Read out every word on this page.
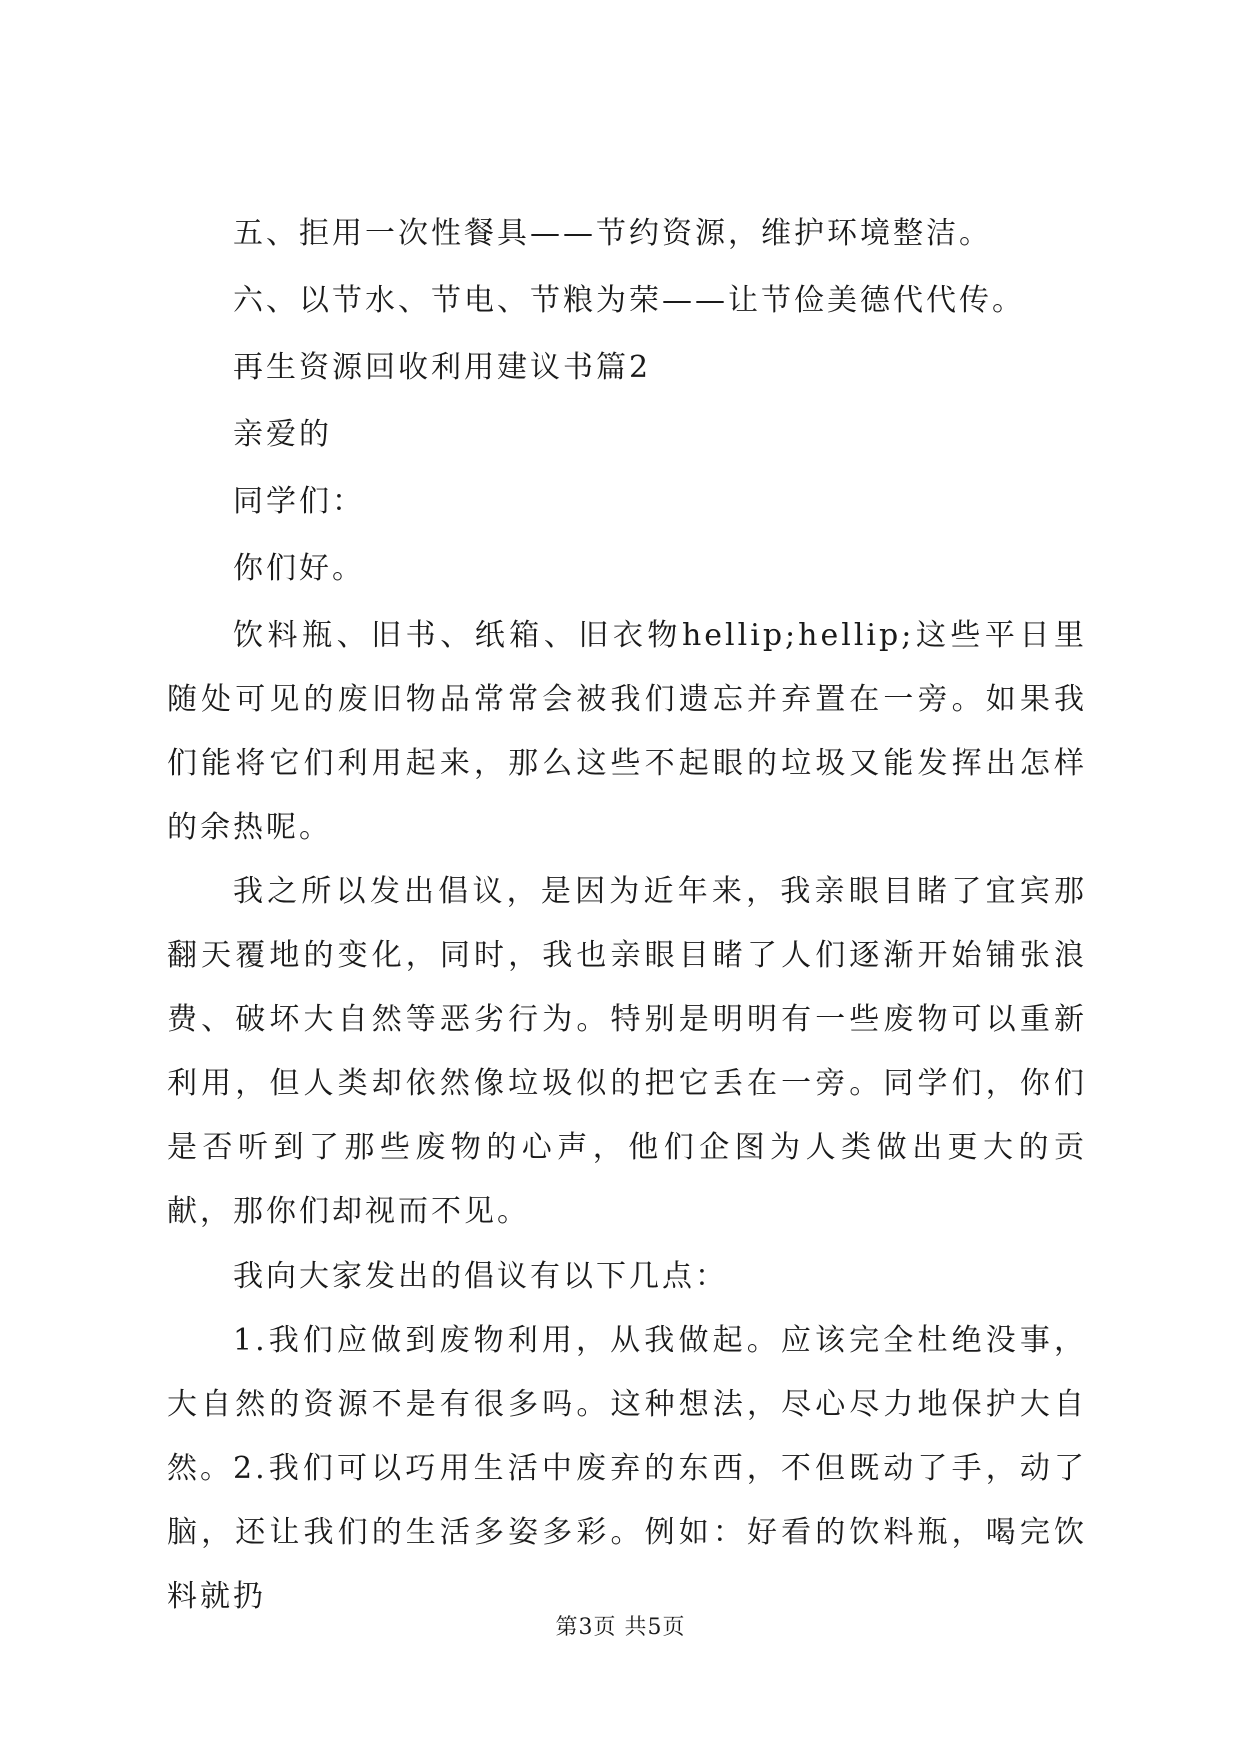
五、拒用一次性餐具——节约资源，维护环境整洁。
六、以节水、节电、节粮为荣——让节俭美德代代传。
再生资源回收利用建议书篇2
亲爱的
同学们：
你们好。
饮料瓶、旧书、纸箱、旧衣物hellip;hellip;这些平日里随处可见的废旧物品常常会被我们遗忘并弃置在一旁。如果我们能将它们利用起来，那么这些不起眼的垃圾又能发挥出怎样的余热呢。
我之所以发出倡议，是因为近年来，我亲眼目睹了宜宾那翻天覆地的变化，同时，我也亲眼目睹了人们逐渐开始铺张浪费、破坏大自然等恶劣行为。特别是明明有一些废物可以重新利用，但人类却依然像垃圾似的把它丢在一旁。同学们，你们是否听到了那些废物的心声，他们企图为人类做出更大的贡献，那你们却视而不见。
我向大家发出的倡议有以下几点：
1.我们应做到废物利用，从我做起。应该完全杜绝没事，大自然的资源不是有很多吗。这种想法，尽心尽力地保护大自然。 2.我们可以巧用生活中废弃的东西，不但既动了手，动了脑，还让我们的生活多姿多彩。例如：好看的饮料瓶，喝完饮料就扔
第3页 共5页
